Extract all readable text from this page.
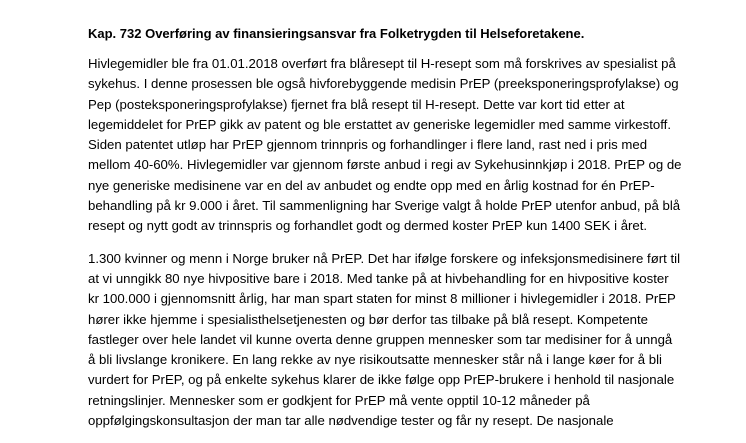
Kap. 732 Overføring av finansieringsansvar fra Folketrygden til Helseforetakene.
Hivlegemidler ble fra 01.01.2018 overført fra blåresept til H-resept som må forskrives av spesialist på
sykehus. I denne prosessen ble også hivforebyggende medisin PrEP (preeksponeringsprofylakse) og
Pep (posteksponeringsprofylakse) fjernet fra blå resept til H-resept. Dette var kort tid etter at
legemiddelet for PrEP gikk av patent og ble erstattet av generiske legemidler med samme virkestoff.
Siden patentet utløp har PrEP gjennom trinnpris og forhandlinger i flere land, rast ned i pris med
mellom 40-60%. Hivlegemidler var gjennom første anbud i regi av Sykehusinnkjøp i 2018. PrEP og de
nye generiske medisinene var en del av anbudet og endte opp med en årlig kostnad for én PrEP-
behandling på kr 9.000 i året. Til sammenligning har Sverige valgt å holde PrEP utenfor anbud, på blå
resept og nytt godt av trinnspris og forhandlet godt og dermed koster PrEP kun 1400 SEK i året.
1.300 kvinner og menn i Norge bruker nå PrEP. Det har ifølge forskere og infeksjonsmedisinere ført til
at vi unngikk 80 nye hivpositive bare i 2018. Med tanke på at hivbehandling for en hivpositive koster
kr 100.000 i gjennomsnitt årlig, har man spart staten for minst 8 millioner i hivlegemidler i 2018. PrEP
hører ikke hjemme i spesialisthelsetjenesten og bør derfor tas tilbake på blå resept. Kompetente
fastleger over hele landet vil kunne overta denne gruppen mennesker som tar medisiner for å unngå
å bli livslange kronikere. En lang rekke av nye risikoutsatte mennesker står nå i lange køer for å bli
vurdert for PrEP, og på enkelte sykehus klarer de ikke følge opp PrEP-brukere i henhold til nasjonale
retningslinjer. Mennesker som er godkjent for PrEP må vente opptil 10-12 måneder på
oppfølgingskonsultasjon der man tar alle nødvendige tester og får ny resept. De nasjonale
